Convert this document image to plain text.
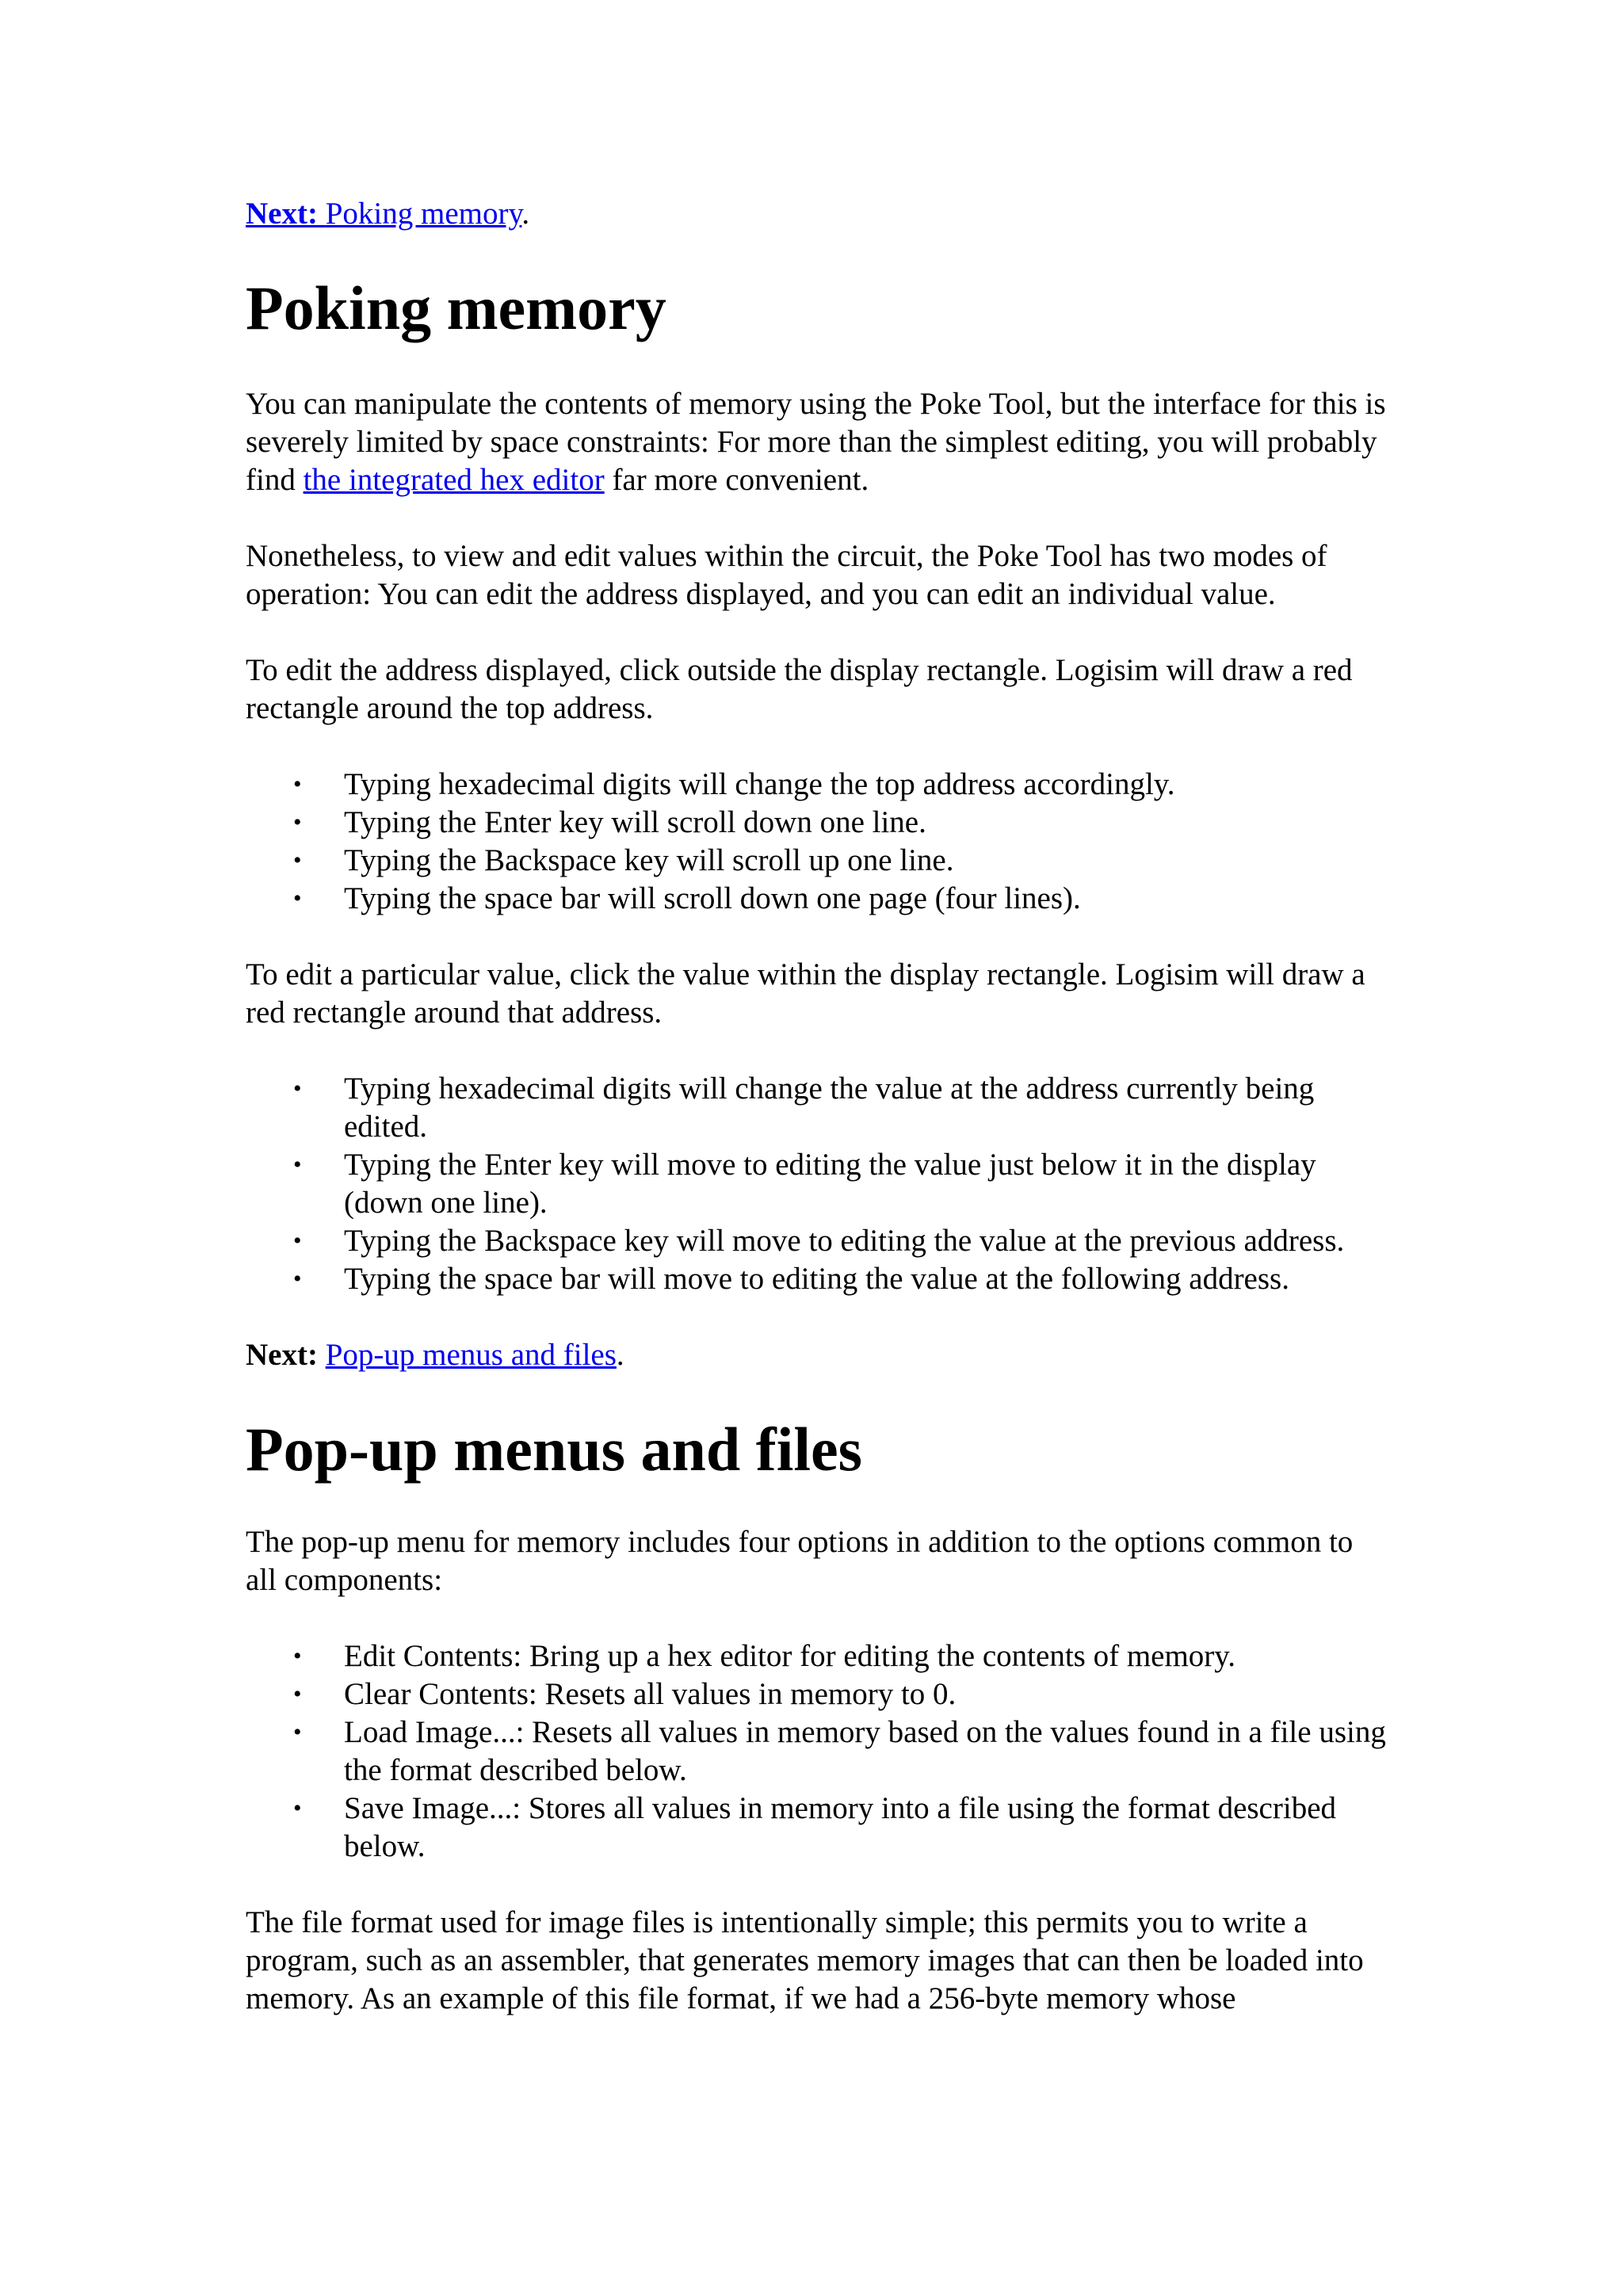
Next: Poking memory.

Poking memory

You can manipulate the contents of memory using the Poke Tool, but the interface for this is severely limited by space constraints: For more than the simplest editing, you will probably find the integrated hex editor far more convenient.

Nonetheless, to view and edit values within the circuit, the Poke Tool has two modes of operation: You can edit the address displayed, and you can edit an individual value.

To edit the address displayed, click outside the display rectangle. Logisim will draw a red rectangle around the top address.

• Typing hexadecimal digits will change the top address accordingly.
• Typing the Enter key will scroll down one line.
• Typing the Backspace key will scroll up one line.
• Typing the space bar will scroll down one page (four lines).

To edit a particular value, click the value within the display rectangle. Logisim will draw a red rectangle around that address.

• Typing hexadecimal digits will change the value at the address currently being edited.
• Typing the Enter key will move to editing the value just below it in the display (down one line).
• Typing the Backspace key will move to editing the value at the previous address.
• Typing the space bar will move to editing the value at the following address.

Next: Pop-up menus and files.

Pop-up menus and files

The pop-up menu for memory includes four options in addition to the options common to all components:

• Edit Contents: Bring up a hex editor for editing the contents of memory.
• Clear Contents: Resets all values in memory to 0.
• Load Image...: Resets all values in memory based on the values found in a file using the format described below.
• Save Image...: Stores all values in memory into a file using the format described below.

The file format used for image files is intentionally simple; this permits you to write a program, such as an assembler, that generates memory images that can then be loaded into memory. As an example of this file format, if we had a 256-byte memory whose
